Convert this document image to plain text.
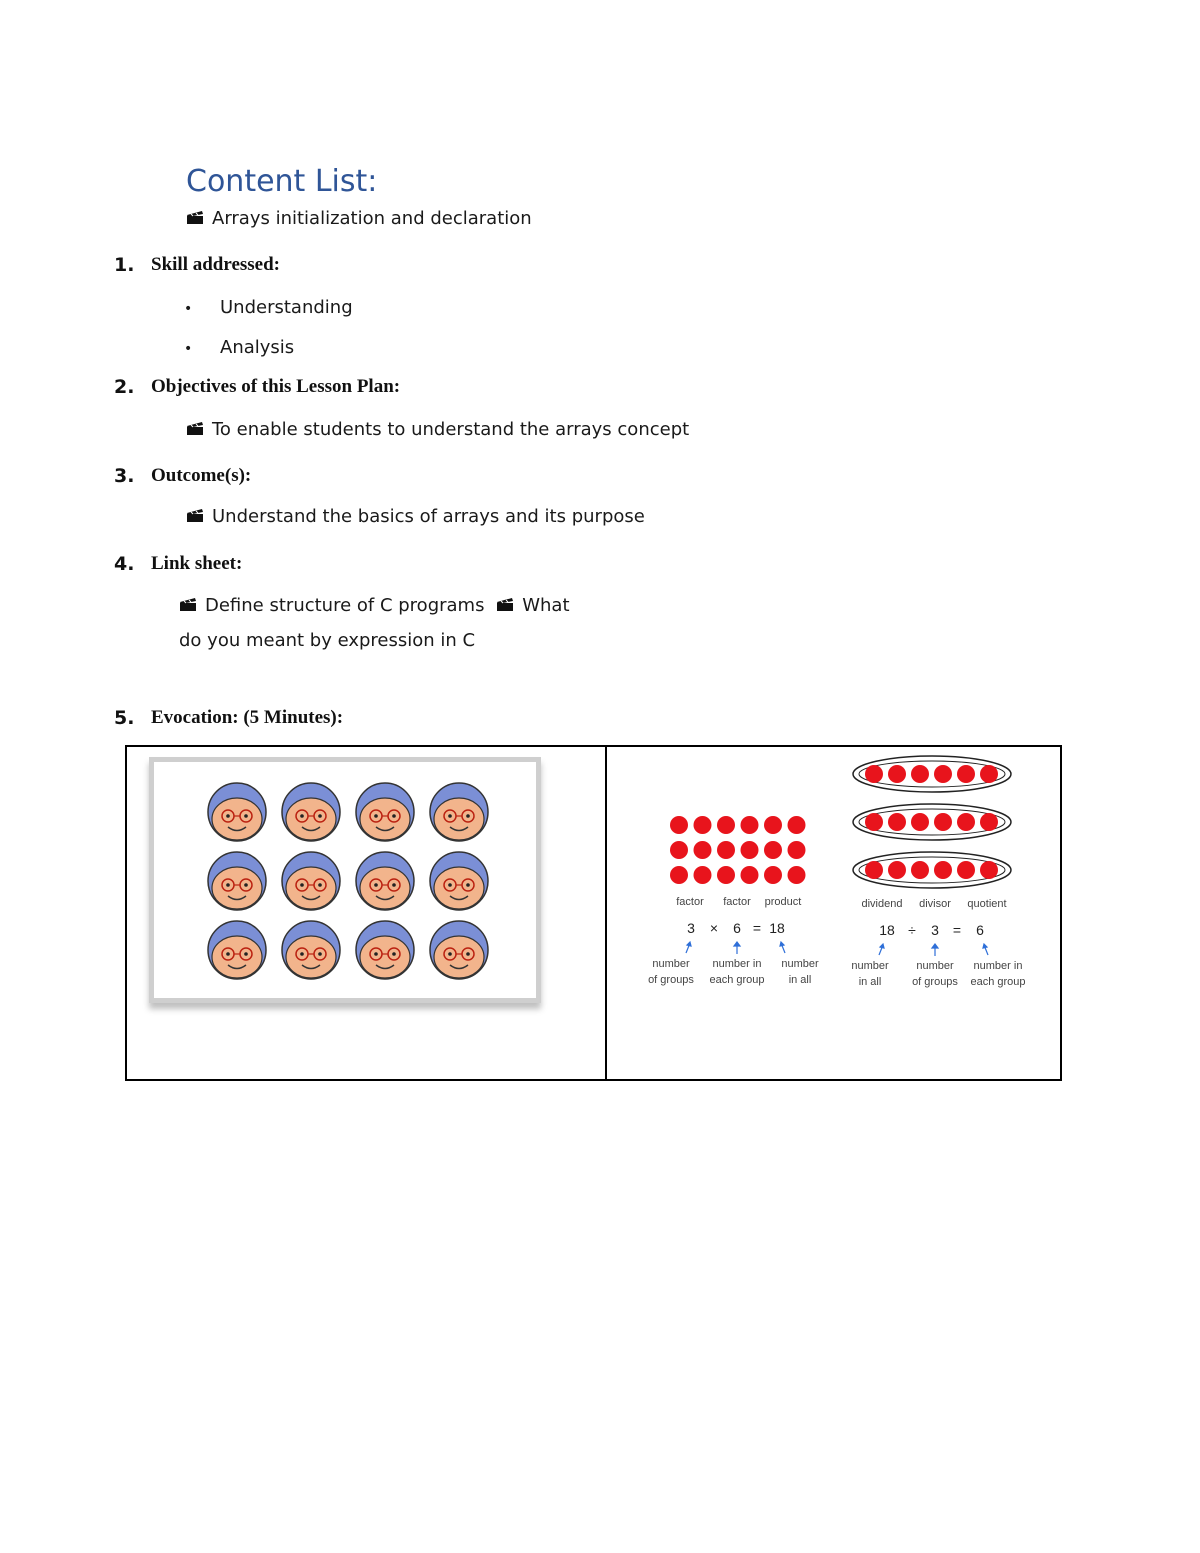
Content List:
Arrays initialization and declaration
1. Skill addressed:
• Understanding
• Analysis
2. Objectives of this Lesson Plan:
To enable students to understand the arrays concept
3. Outcome(s):
Understand the basics of arrays and its purpose
4. Link sheet:
Define structure of C programs What
do you meant by expression in C
5. Evocation: (5 Minutes):
factor factor product
3 × 6 = 18
number
of groups
number in
each group
number
in all
dividend divisor quotient
18 ÷ 3 = 6
number
in all
number
of groups
number in
each group
